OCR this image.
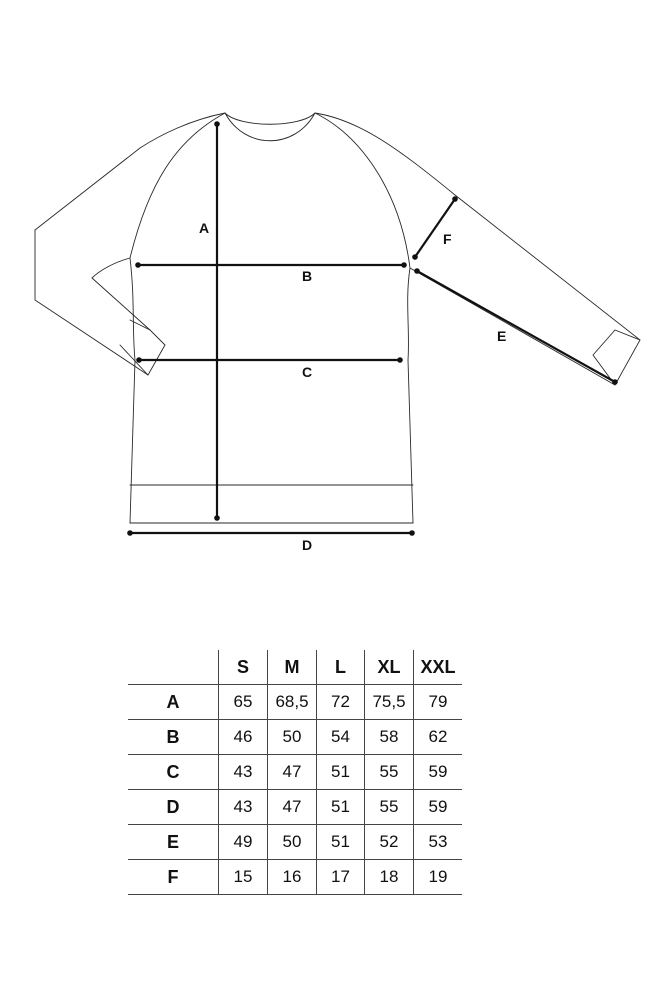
A
B
C
D
E
F
	S	M	L	XL	XXL
A	65	68,5	72	75,5	79
B	46	50	54	58	62
C	43	47	51	55	59
D	43	47	51	55	59
E	49	50	51	52	53
F	15	16	17	18	19
